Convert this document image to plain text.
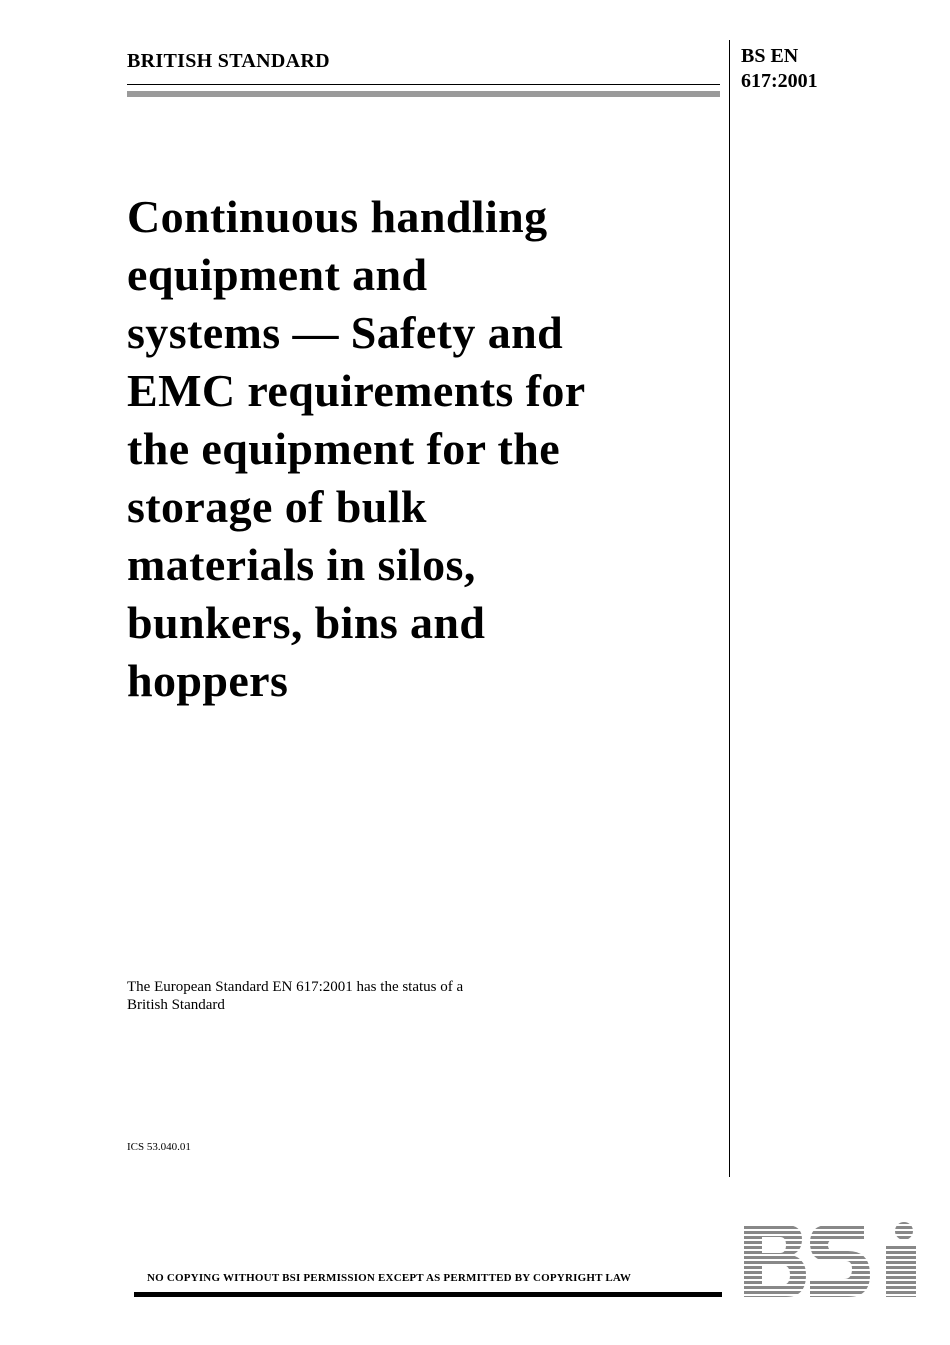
BRITISH STANDARD	BS EN
617:2001
Continuous handling
equipment and
systems — Safety and
EMC requirements for
the equipment for the
storage of bulk
materials in silos,
bunkers, bins and
hoppers
The European Standard EN 617:2001 has the status of a
British Standard
ICS 53.040.01
NO COPYING WITHOUT BSI PERMISSION EXCEPT AS PERMITTED BY COPYRIGHT LAW
